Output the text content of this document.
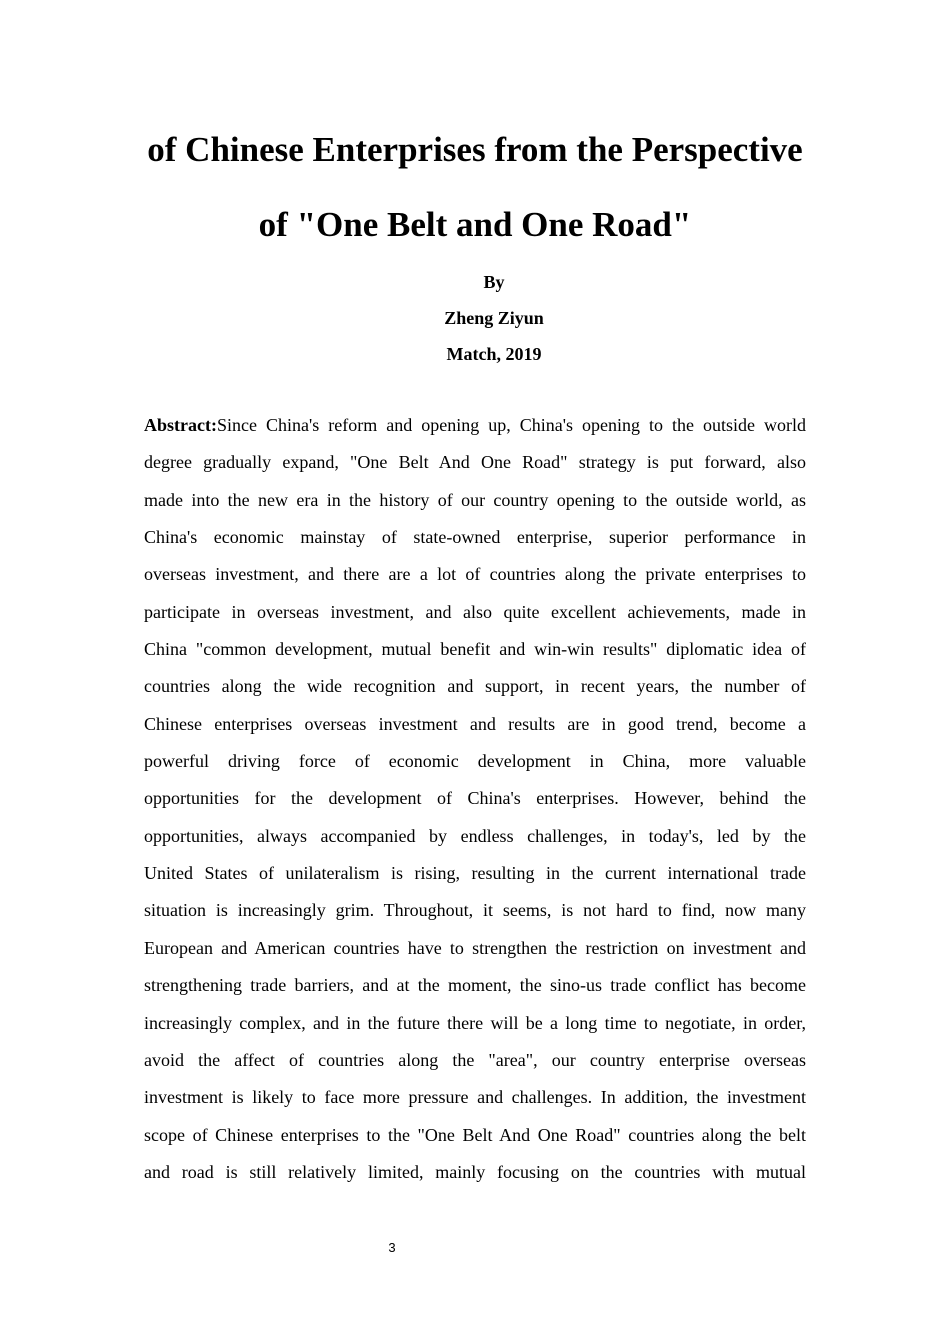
of Chinese Enterprises from the Perspective
of "One Belt and One Road"
By
Zheng Ziyun
Match, 2019
Abstract:Since China's reform and opening up, China's opening to the outside world
degree gradually expand, "One Belt And One Road" strategy is put forward, also
made into the new era in the history of our country opening to the outside world, as
China's economic mainstay of state-owned enterprise, superior performance in
overseas investment, and there are a lot of countries along the private enterprises to
participate in overseas investment, and also quite excellent achievements, made in
China "common development, mutual benefit and win-win results" diplomatic idea of
countries along the wide recognition and support, in recent years, the number of
Chinese enterprises overseas investment and results are in good trend, become a
powerful driving force of economic development in China, more valuable
opportunities for the development of China's enterprises. However, behind the
opportunities, always accompanied by endless challenges, in today's, led by the
United States of unilateralism is rising, resulting in the current international trade
situation is increasingly grim. Throughout, it seems, is not hard to find, now many
European and American countries have to strengthen the restriction on investment and
strengthening trade barriers, and at the moment, the sino-us trade conflict has become
increasingly complex, and in the future there will be a long time to negotiate, in order,
avoid the affect of countries along the "area", our country enterprise overseas
investment is likely to face more pressure and challenges. In addition, the investment
scope of Chinese enterprises to the "One Belt And One Road" countries along the belt
and road is still relatively limited, mainly focusing on the countries with mutual
3
